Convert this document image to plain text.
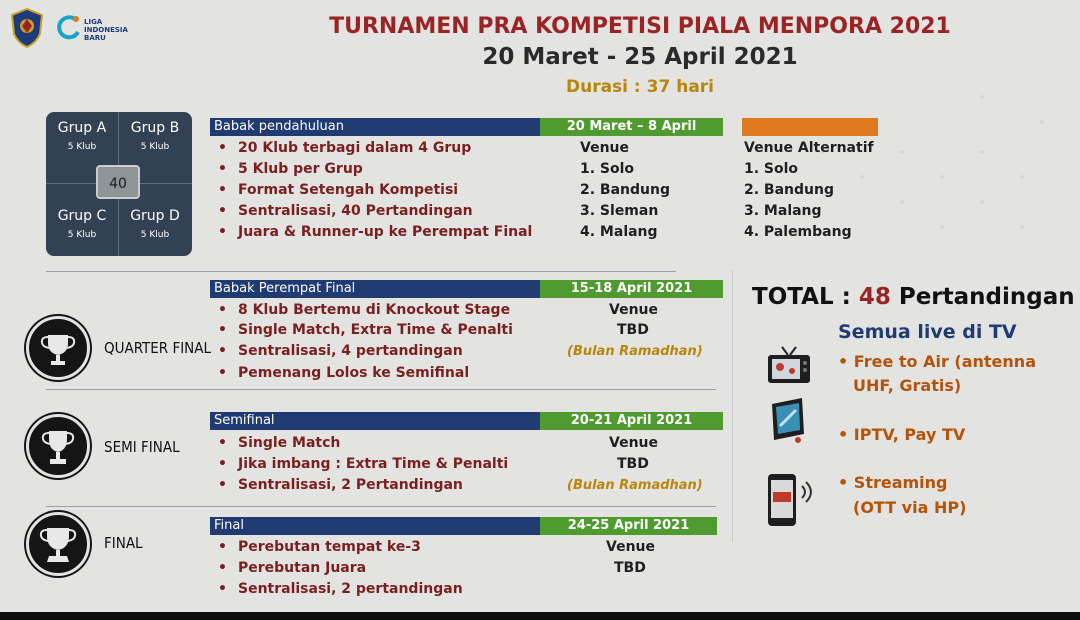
LIGA
INDONESIA
BARU	TURNAMEN PRA KOMPETISI PIALA MENPORA 2021
20 Maret - 25 April 2021
Durasi : 37 hari
Grup A
5 Klub
Grup B
5 Klub
Grup C
5 Klub
Grup D
5 Klub
40
Babak pendahuluan	20 Maret – 8 April
• 20 Klub terbagi dalam 4 Grup
• 5 Klub per Grup
• Format Setengah Kompetisi
• Sentralisasi, 40 Pertandingan
• Juara & Runner-up ke Perempat Final
Venue
1. Solo
2. Bandung
3. Sleman
4. Malang
Venue Alternatif
1. Solo
2. Bandung
3. Malang
4. Palembang
QUARTER FINAL
Babak Perempat Final	15-18 April 2021
• 8 Klub Bertemu di Knockout Stage
• Single Match, Extra Time & Penalti
• Sentralisasi, 4 pertandingan
• Pemenang Lolos ke Semifinal
Venue
TBD
(Bulan Ramadhan)
SEMI FINAL
Semifinal	20-21 April 2021
• Single Match
• Jika imbang : Extra Time & Penalti
• Sentralisasi, 2 Pertandingan
Venue
TBD
(Bulan Ramadhan)
FINAL
Final	24-25 April 2021
• Perebutan tempat ke-3
• Perebutan Juara
• Sentralisasi, 2 pertandingan
Venue
TBD
TOTAL : 48 Pertandingan
Semua live di TV
• Free to Air (antenna
UHF, Gratis)
• IPTV, Pay TV
• Streaming
(OTT via HP)
